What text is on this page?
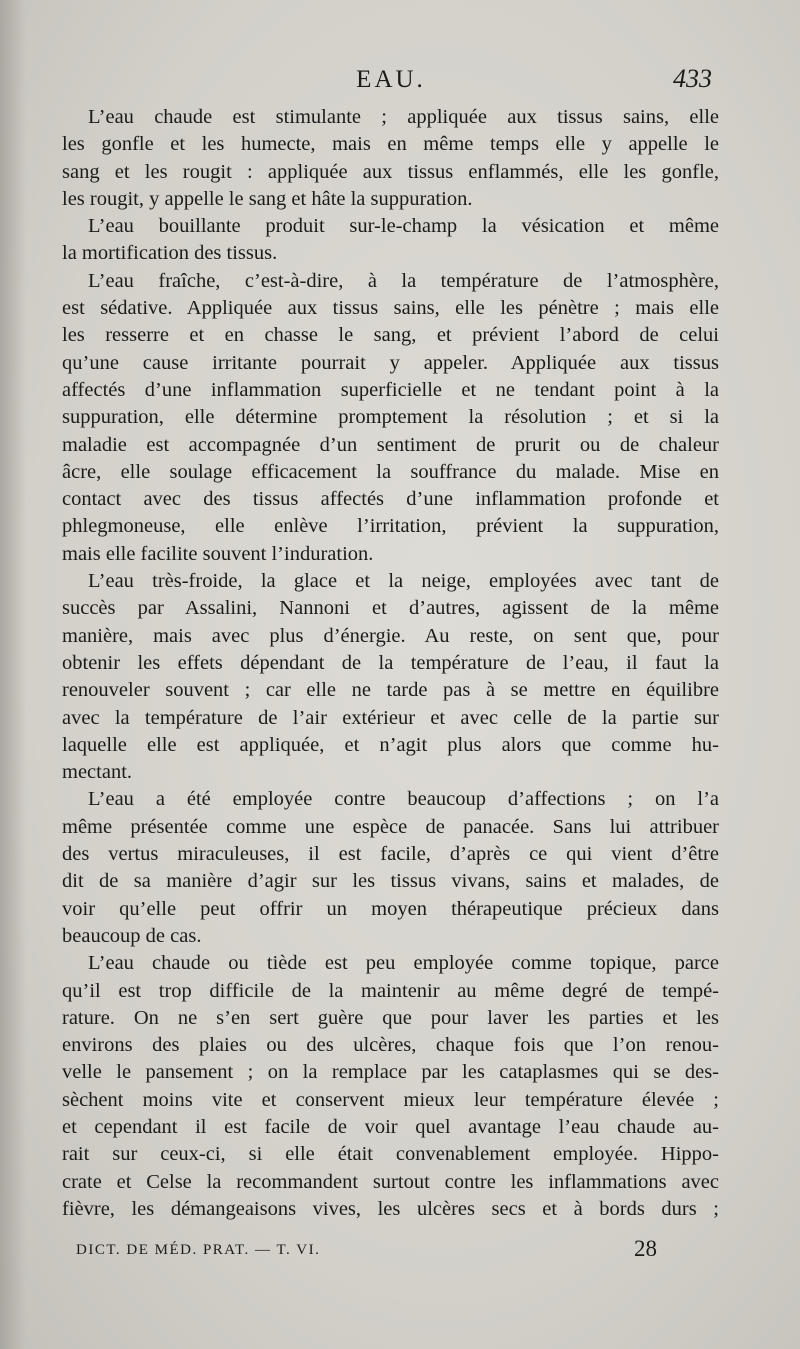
EAU.	433
L’eau chaude est stimulante ; appliquée aux tissus sains, elle
les gonfle et les humecte, mais en même temps elle y appelle le
sang et les rougit : appliquée aux tissus enflammés, elle les gonfle,
les rougit, y appelle le sang et hâte la suppuration.
L’eau bouillante produit sur-le-champ la vésication et même
la mortification des tissus.
L’eau fraîche, c’est-à-dire, à la température de l’atmosphère,
est sédative. Appliquée aux tissus sains, elle les pénètre ; mais elle
les resserre et en chasse le sang, et prévient l’abord de celui
qu’une cause irritante pourrait y appeler. Appliquée aux tissus
affectés d’une inflammation superficielle et ne tendant point à la
suppuration, elle détermine promptement la résolution ; et si la
maladie est accompagnée d’un sentiment de prurit ou de chaleur
âcre, elle soulage efficacement la souffrance du malade. Mise en
contact avec des tissus affectés d’une inflammation profonde et
phlegmoneuse, elle enlève l’irritation, prévient la suppuration,
mais elle facilite souvent l’induration.
L’eau très-froide, la glace et la neige, employées avec tant de
succès par Assalini, Nannoni et d’autres, agissent de la même
manière, mais avec plus d’énergie. Au reste, on sent que, pour
obtenir les effets dépendant de la température de l’eau, il faut la
renouveler souvent ; car elle ne tarde pas à se mettre en équilibre
avec la température de l’air extérieur et avec celle de la partie sur
laquelle elle est appliquée, et n’agit plus alors que comme hu-
mectant.
L’eau a été employée contre beaucoup d’affections ; on l’a
même présentée comme une espèce de panacée. Sans lui attribuer
des vertus miraculeuses, il est facile, d’après ce qui vient d’être
dit de sa manière d’agir sur les tissus vivans, sains et malades, de
voir qu’elle peut offrir un moyen thérapeutique précieux dans
beaucoup de cas.
L’eau chaude ou tiède est peu employée comme topique, parce
qu’il est trop difficile de la maintenir au même degré de tempé-
rature. On ne s’en sert guère que pour laver les parties et les
environs des plaies ou des ulcères, chaque fois que l’on renou-
velle le pansement ; on la remplace par les cataplasmes qui se des-
sèchent moins vite et conservent mieux leur température élevée ;
et cependant il est facile de voir quel avantage l’eau chaude au-
rait sur ceux-ci, si elle était convenablement employée. Hippo-
crate et Celse la recommandent surtout contre les inflammations avec
fièvre, les démangeaisons vives, les ulcères secs et à bords durs ;
DICT. DE MÉD. PRAT. — T. VI.	28
